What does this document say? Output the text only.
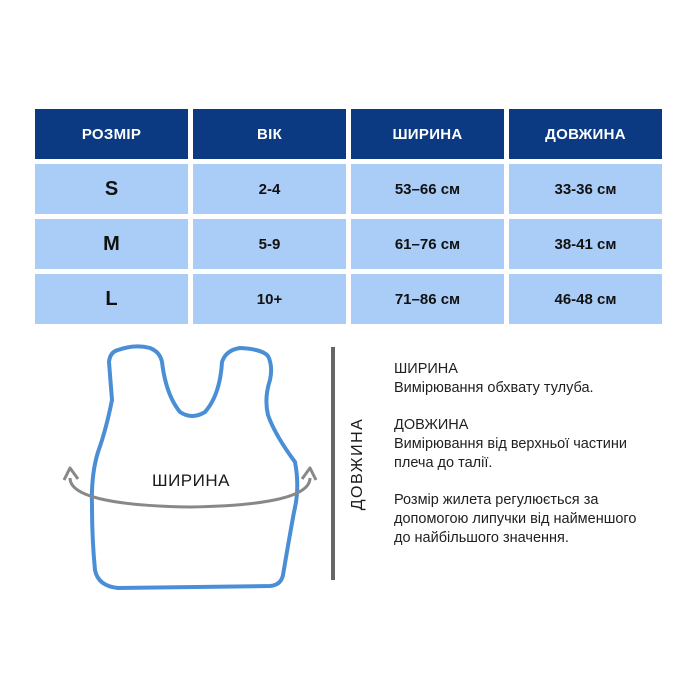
РОЗМІР	ВІК	ШИРИНА	ДОВЖИНА
S	2-4	53–66 см	33-36 см
M	5-9	61–76 см	38-41 см
L	10+	71–86 см	46-48 см
ШИРИНА	ДОВЖИНА
ШИРИНА
Вимірювання обхвату тулуба.
ДОВЖИНА
Вимірювання від верхньої частини плеча до талії.
Розмір жилета регулюється за допомогою липучки від найменшого до найбільшого значення.
